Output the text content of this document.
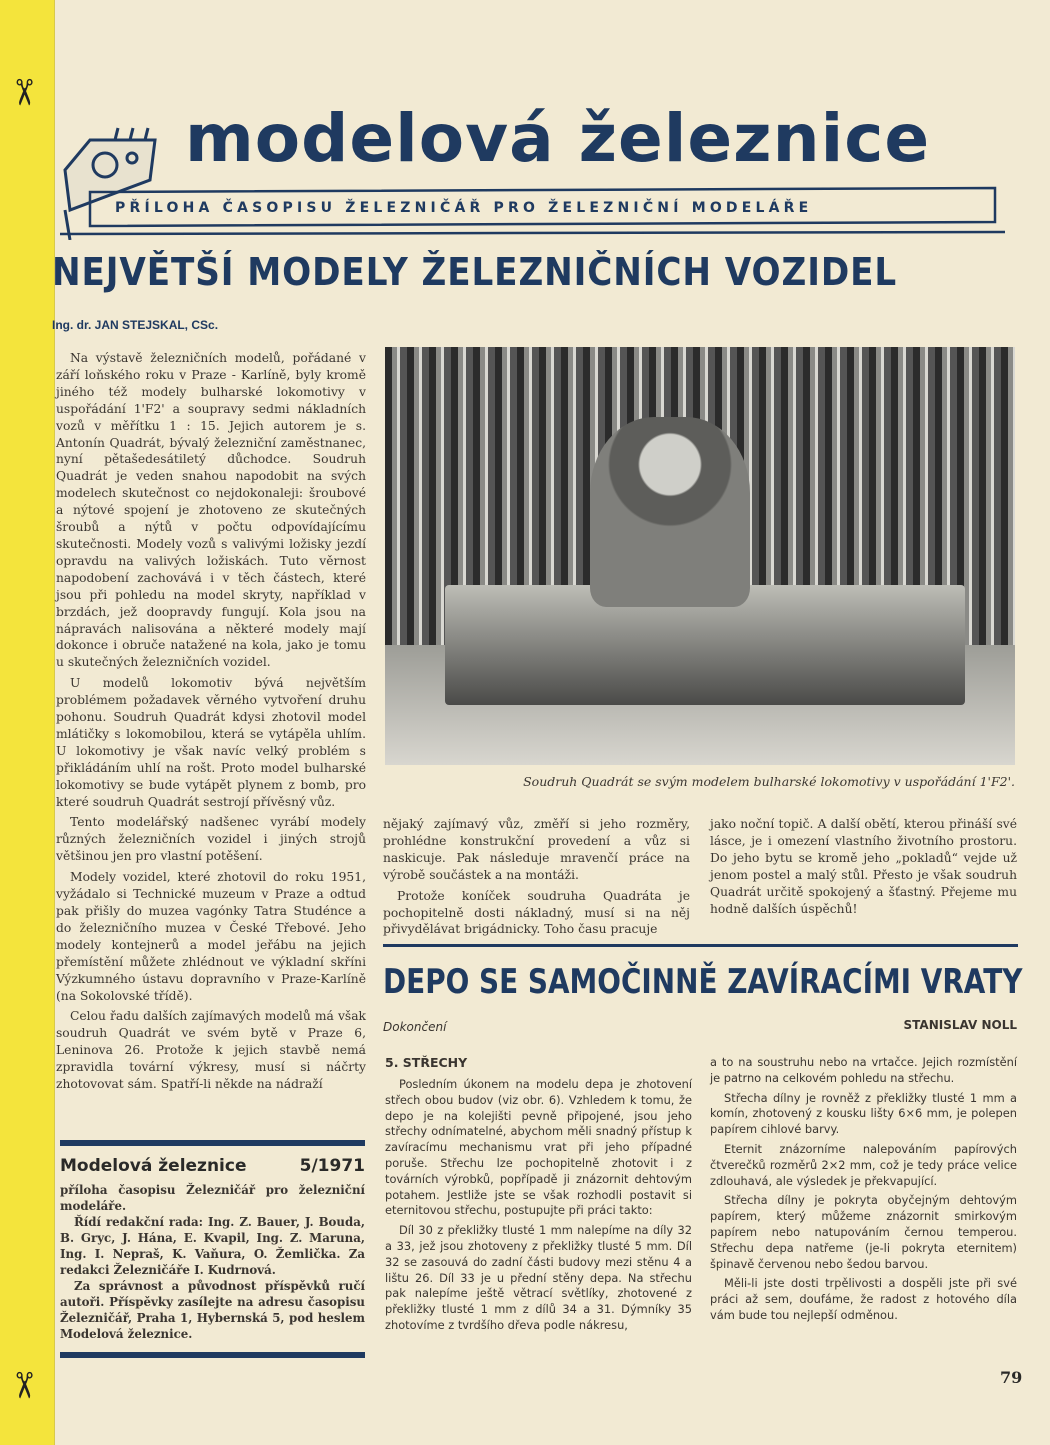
✂
✂
modelová železnice
PŘÍLOHA ČASOPISU ŽELEZNIČÁŘ PRO ŽELEZNIČNÍ MODELÁŘE
NEJVĚTŠÍ MODELY ŽELEZNIČNÍCH VOZIDEL
Ing. dr. JAN STEJSKAL, CSc.

Na výstavě železničních modelů, pořádané v září loňského roku v Praze - Karlíně, byly kromě jiného též modely bulharské lokomotivy v uspořádání 1'F2' a soupravy sedmi nákladních vozů v měřítku 1 : 15. Jejich autorem je s. Antonín Quadrát, bývalý železniční zaměstnanec, nyní pětašedesátiletý důchodce. Soudruh Quadrát je veden snahou napodobit na svých modelech skutečnost co nejdokonaleji: šroubové a nýtové spojení je zhotoveno ze skutečných šroubů a nýtů v počtu odpovídajícímu skutečnosti. Modely vozů s valivými ložisky jezdí opravdu na valivých ložiskách. Tuto věrnost napodobení zachovává i v těch částech, které jsou při pohledu na model skryty, například v brzdách, jež doopravdy fungují. Kola jsou na nápravách nalisována a některé modely mají dokonce i obruče natažené na kola, jako je tomu u skutečných železničních vozidel.

U modelů lokomotiv bývá největším problémem požadavek věrného vytvoření druhu pohonu. Soudruh Quadrát kdysi zhotovil model mlátičky s lokomobilou, která se vytápěla uhlím. U lokomotivy je však navíc velký problém s přikládáním uhlí na rošt. Proto model bulharské lokomotivy se bude vytápět plynem z bomb, pro které soudruh Quadrát sestrojí přívěsný vůz.

Tento modelářský nadšenec vyrábí modely různých železničních vozidel i jiných strojů většinou jen pro vlastní potěšení.

Modely vozidel, které zhotovil do roku 1951, vyžádalo si Technické muzeum v Praze a odtud pak přišly do muzea vagónky Tatra Studénce a do železničního muzea v České Třebové. Jeho modely kontejnerů a model jeřábu na jejich přemístění můžete zhlédnout ve výkladní skříni Výzkumného ústavu dopravního v Praze-Karlíně (na Sokolovské třídě).

Celou řadu dalších zajímavých modelů má však soudruh Quadrát ve svém bytě v Praze 6, Leninova 26. Protože k jejich stavbě nemá zpravidla tovární výkresy, musí si náčrty zhotovovat sám. Spatří-li někde na nádraží

Soudruh Quadrát se svým modelem bulharské lokomotivy v uspořádání 1'F2'.

nějaký zajímavý vůz, změří si jeho rozměry, prohlédne konstrukční provedení a vůz si naskicuje. Pak následuje mravenčí práce na výrobě součástek a na montáži.

Protože koníček soudruha Quadráta je pochopitelně dosti nákladný, musí si na něj přivydělávat brigádnicky. Toho času pracuje

jako noční topič. A další obětí, kterou přináší své lásce, je i omezení vlastního životního prostoru. Do jeho bytu se kromě jeho „pokladů“ vejde už jenom postel a malý stůl. Přesto je však soudruh Quadrát určitě spokojený a šťastný. Přejeme mu hodně dalších úspěchů!

DEPO SE SAMOČINNĚ ZAVÍRACÍMI VRATY
Dokončení	STANISLAV NOLL
5. STŘECHY

Posledním úkonem na modelu depa je zhotovení střech obou budov (viz obr. 6). Vzhledem k tomu, že depo je na kolejišti pevně připojené, jsou jeho střechy odnímatelné, abychom měli snadný přístup k zavíracímu mechanismu vrat při jeho případné poruše. Střechu lze pochopitelně zhotovit i z továrních výrobků, popřípadě ji znázornit dehtovým potahem. Jestliže jste se však rozhodli postavit si eternitovou střechu, postupujte při práci takto:

Díl 30 z překližky tlusté 1 mm nalepíme na díly 32 a 33, jež jsou zhotoveny z překližky tlusté 5 mm. Díl 32 se zasouvá do zadní části budovy mezi stěnu 4 a lištu 26. Díl 33 je u přední stěny depa. Na střechu pak nalepíme ještě větrací světlíky, zhotovené z překližky tlusté 1 mm z dílů 34 a 31. Dýmníky 35 zhotovíme z tvrdšího dřeva podle nákresu,

a to na soustruhu nebo na vrtačce. Jejich rozmístění je patrno na celkovém pohledu na střechu.

Střecha dílny je rovněž z překližky tlusté 1 mm a komín, zhotovený z kousku lišty 6×6 mm, je polepen papírem cihlové barvy.

Eternit znázorníme nalepováním papírových čtverečků rozměrů 2×2 mm, což je tedy práce velice zdlouhavá, ale výsledek je překvapující.

Střecha dílny je pokryta obyčejným dehtovým papírem, který můžeme znázornit smirkovým papírem nebo natupováním černou temperou. Střechu depa natřeme (je-li pokryta eternitem) špinavě červenou nebo šedou barvou.

Měli-li jste dosti trpělivosti a dospěli jste při své práci až sem, doufáme, že radost z hotového díla vám bude tou nejlepší odměnou.

Modelová železnice	5/1971

příloha časopisu Železničář pro železniční modeláře.

Řídí redakční rada: Ing. Z. Bauer, J. Bouda, B. Gryc, J. Hána, E. Kvapil, Ing. Z. Maruna, Ing. I. Nepraš, K. Vaňura, O. Žemlička. Za redakci Železničáře I. Kudrnová.

Za správnost a původnost příspěvků ručí autoři. Příspěvky zasílejte na adresu časopisu Železničář, Praha 1, Hybernská 5, pod heslem Modelová železnice.

79
